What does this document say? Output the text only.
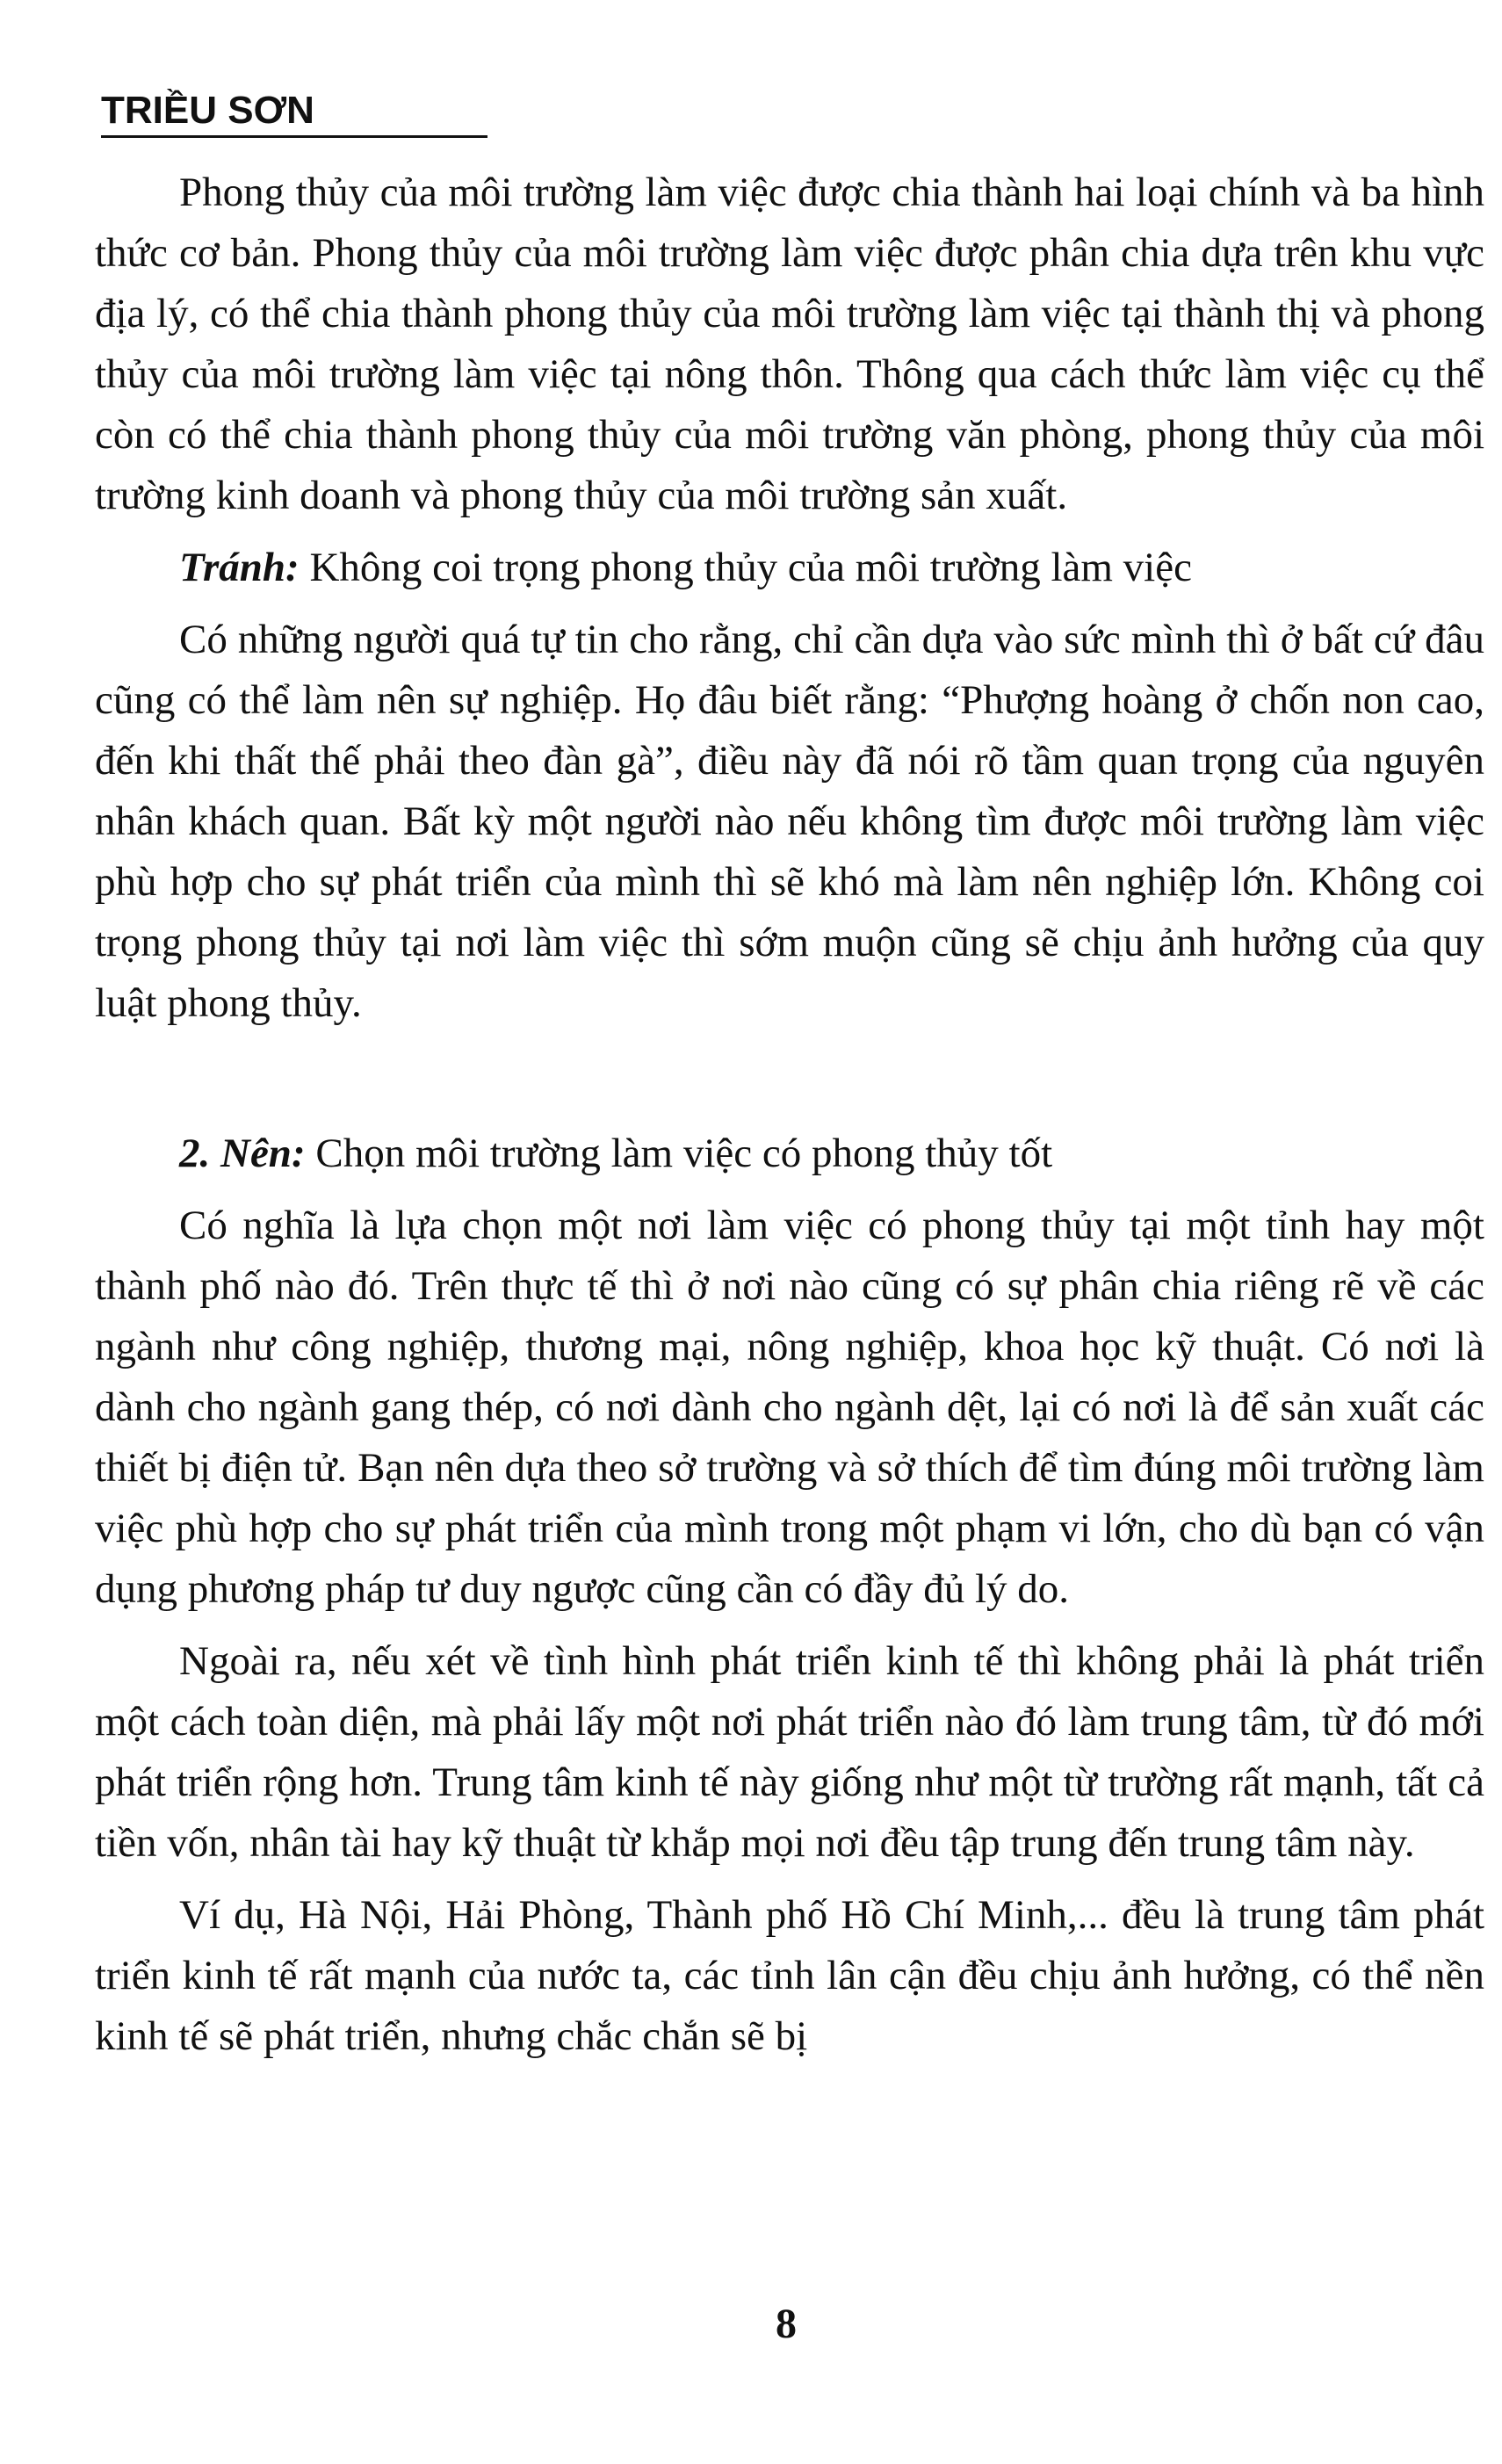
TRIỀU SƠN

Phong thủy của môi trường làm việc được chia thành hai loại chính và ba hình thức cơ bản. Phong thủy của môi trường làm việc được phân chia dựa trên khu vực địa lý, có thể chia thành phong thủy của môi trường làm việc tại thành thị và phong thủy của môi trường làm việc tại nông thôn. Thông qua cách thức làm việc cụ thể còn có thể chia thành phong thủy của môi trường văn phòng, phong thủy của môi trường kinh doanh và phong thủy của môi trường sản xuất.

Tránh: Không coi trọng phong thủy của môi trường làm việc

Có những người quá tự tin cho rằng, chỉ cần dựa vào sức mình thì ở bất cứ đâu cũng có thể làm nên sự nghiệp. Họ đâu biết rằng: “Phượng hoàng ở chốn non cao, đến khi thất thế phải theo đàn gà”, điều này đã nói rõ tầm quan trọng của nguyên nhân khách quan. Bất kỳ một người nào nếu không tìm được môi trường làm việc phù hợp cho sự phát triển của mình thì sẽ khó mà làm nên nghiệp lớn. Không coi trọng phong thủy tại nơi làm việc thì sớm muộn cũng sẽ chịu ảnh hưởng của quy luật phong thủy.

2. Nên: Chọn môi trường làm việc có phong thủy tốt

Có nghĩa là lựa chọn một nơi làm việc có phong thủy tại một tỉnh hay một thành phố nào đó. Trên thực tế thì ở nơi nào cũng có sự phân chia riêng rẽ về các ngành như công nghiệp, thương mại, nông nghiệp, khoa học kỹ thuật. Có nơi là dành cho ngành gang thép, có nơi dành cho ngành dệt, lại có nơi là để sản xuất các thiết bị điện tử. Bạn nên dựa theo sở trường và sở thích để tìm đúng môi trường làm việc phù hợp cho sự phát triển của mình trong một phạm vi lớn, cho dù bạn có vận dụng phương pháp tư duy ngược cũng cần có đầy đủ lý do.

Ngoài ra, nếu xét về tình hình phát triển kinh tế thì không phải là phát triển một cách toàn diện, mà phải lấy một nơi phát triển nào đó làm trung tâm, từ đó mới phát triển rộng hơn. Trung tâm kinh tế này giống như một từ trường rất mạnh, tất cả tiền vốn, nhân tài hay kỹ thuật từ khắp mọi nơi đều tập trung đến trung tâm này.

Ví dụ, Hà Nội, Hải Phòng, Thành phố Hồ Chí Minh,... đều là trung tâm phát triển kinh tế rất mạnh của nước ta, các tỉnh lân cận đều chịu ảnh hưởng, có thể nền kinh tế sẽ phát triển, nhưng chắc chắn sẽ bị

8
